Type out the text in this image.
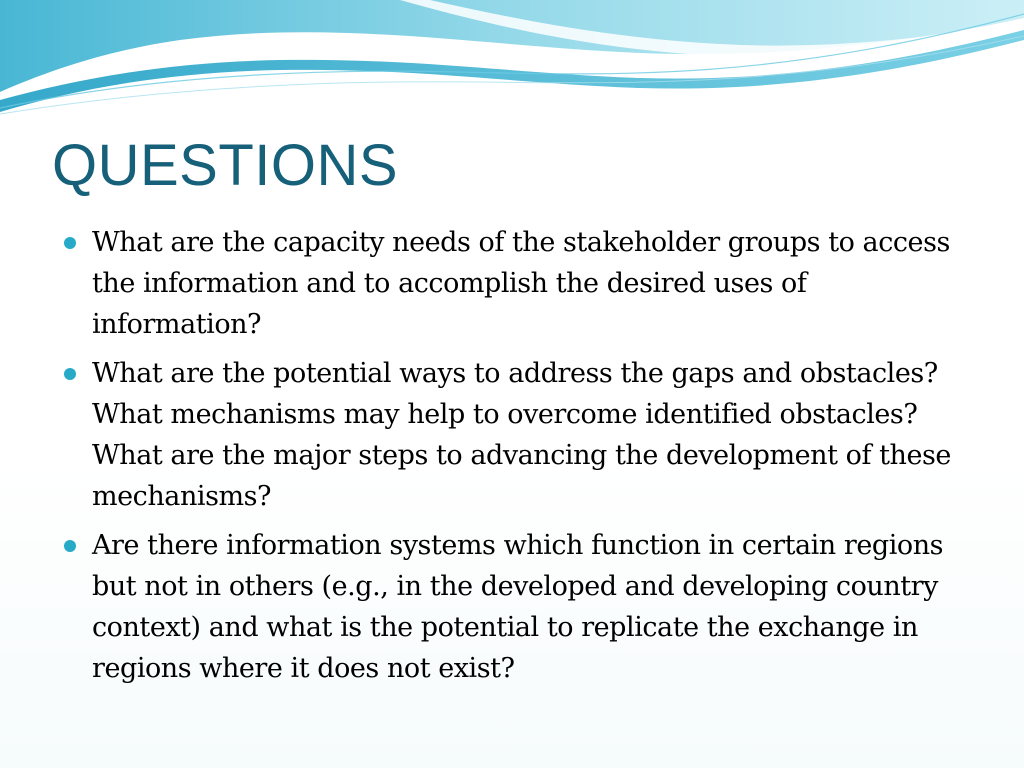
QUESTIONS
What are the capacity needs of the stakeholder groups to access the information and to accomplish the desired uses of information?
What are the potential ways to address the gaps and obstacles? What mechanisms may help to overcome identified obstacles? What are the major steps to advancing the development of these mechanisms?
Are there information systems which function in certain regions but not in others (e.g., in the developed and developing country context) and what is the potential to replicate the exchange in regions where it does not exist?
